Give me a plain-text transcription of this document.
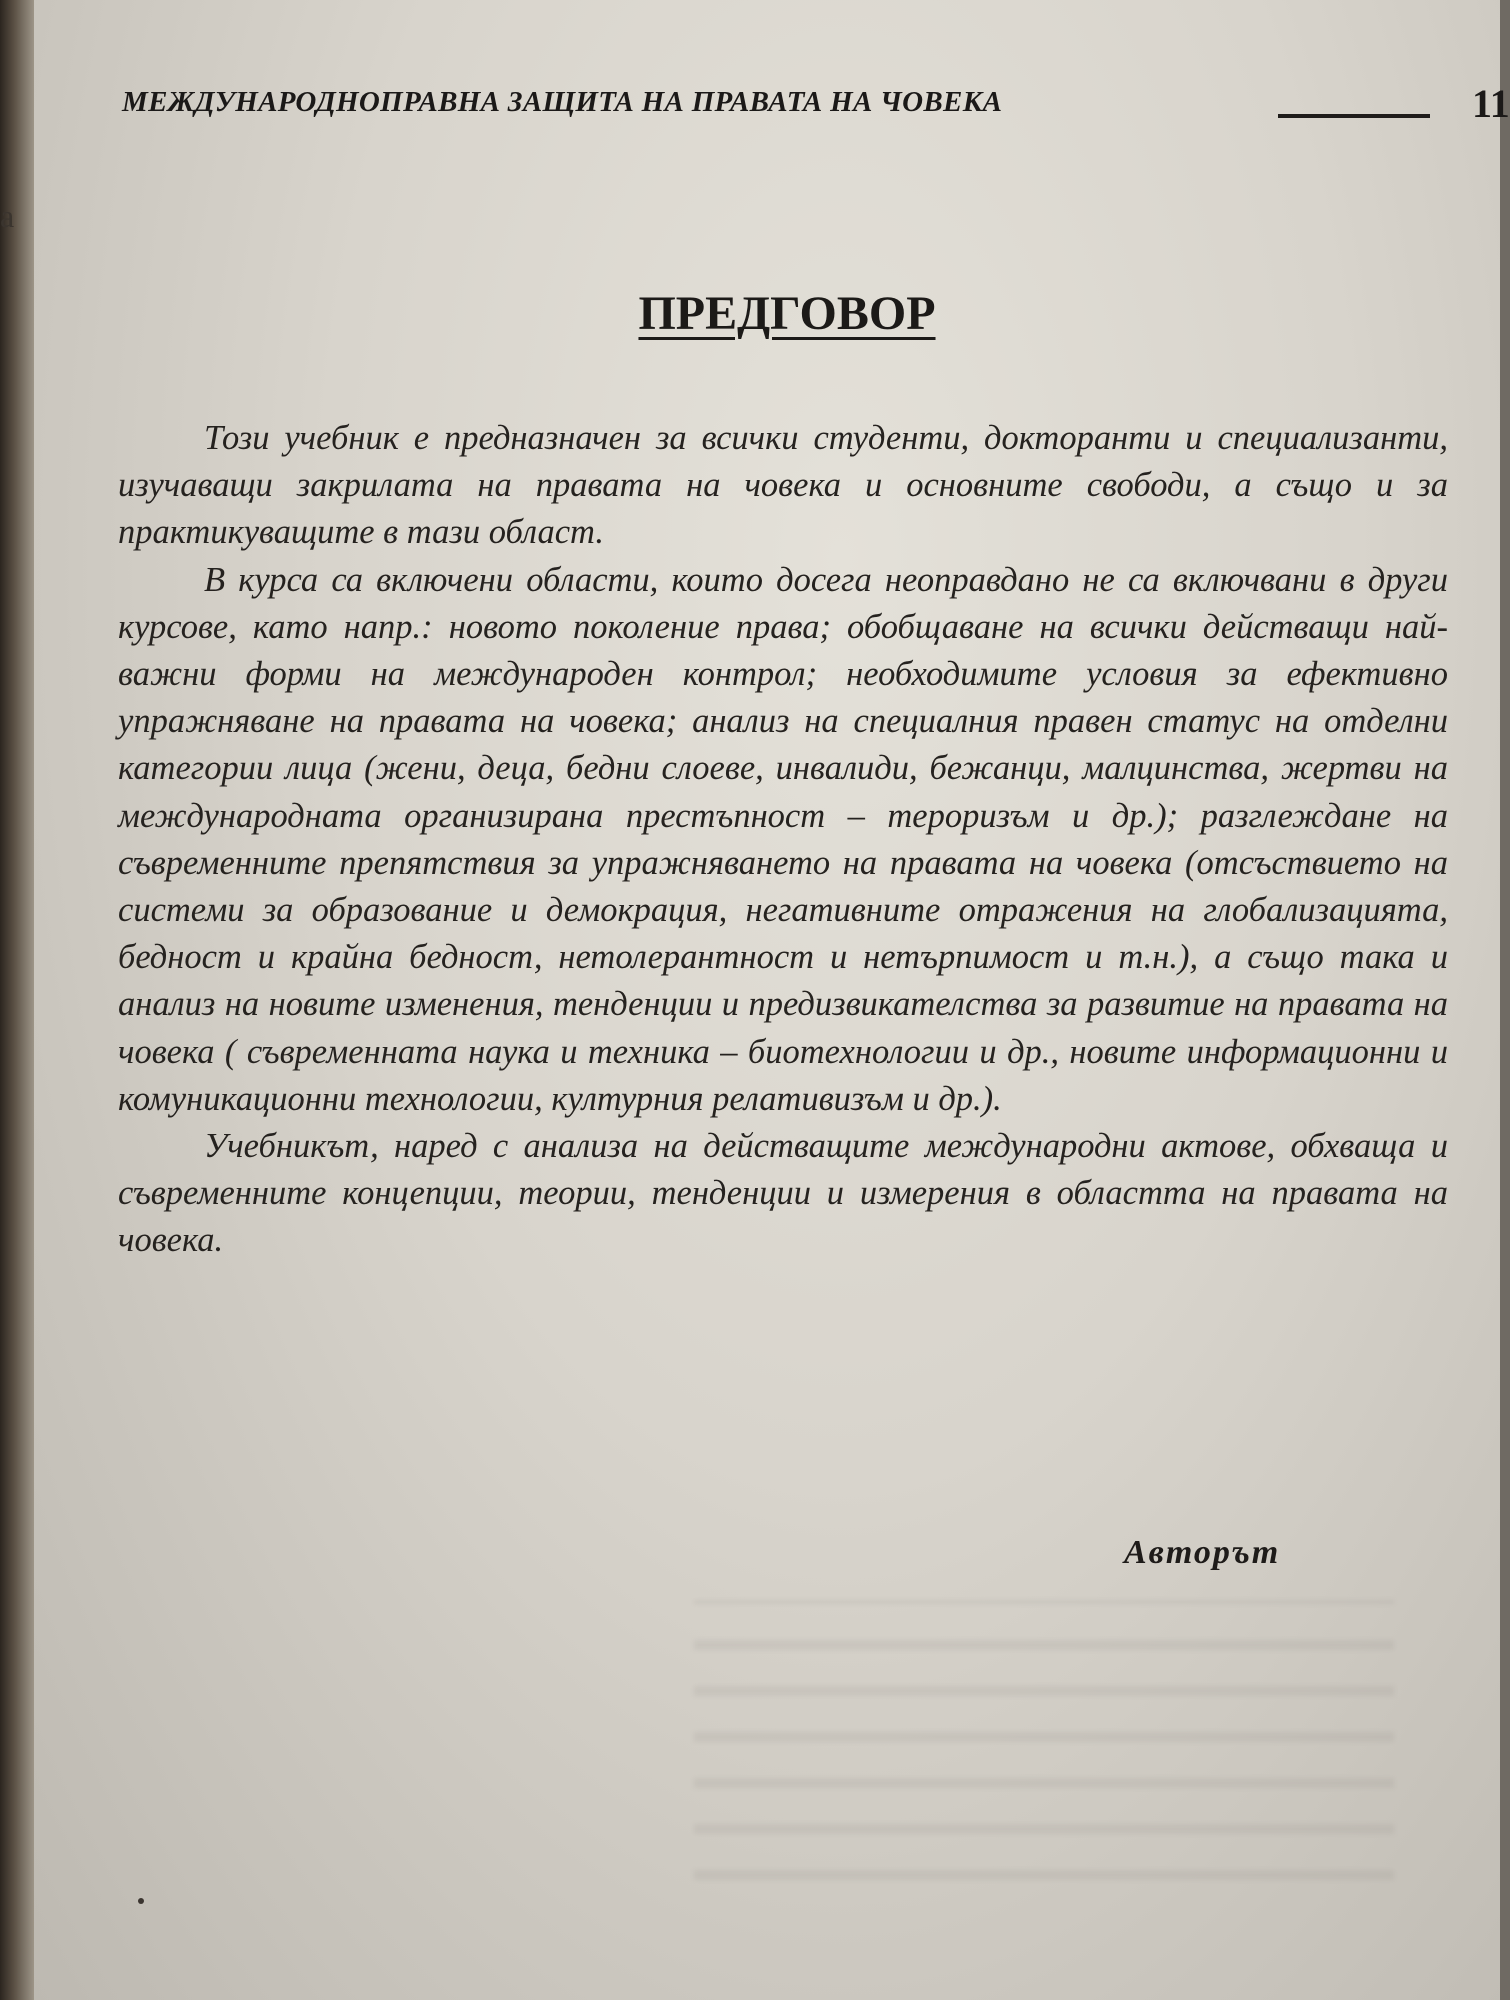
а
МЕЖДУНАРОДНОПРАВНА ЗАЩИТА НА ПРАВАТА НА ЧОВЕКА	11
ПРЕДГОВОР

Този учебник е предназначен за всички студенти, докторанти и специализанти, изучаващи закрилата на правата на човека и основните свободи, а също и за практикуващите в тази област.

В курса са включени области, които досега неоправдано не са включвани в други курсове, като напр.: новото поколение права; обобщаване на всички действащи най- важни форми на международен контрол; необходимите условия за ефективно упражняване на правата на човека; анализ на специалния правен статус на отделни категории лица (жени, деца, бедни слоеве, инвалиди, бежанци, малцинства, жертви на международната организирана престъпност – тероризъм и др.); разглеждане на съвременните препятствия за упражняването на правата на човека (отсъствието на системи за образование и демокрация, негативните отражения на глобализацията, бедност и крайна бедност, нетолерантност и нетърпимост и т.н.), а също така и анализ на новите изменения, тенденции и предизвикателства за развитие на правата на човека ( съвременната наука и техника – биотехнологии и др., новите информационни и комуникационни технологии, културния релативизъм и др.).

Учебникът, наред с анализа на действащите международни актове, обхваща и съвременните концепции, теории, тенденции и измерения в областта на правата на човека.

Авторът
